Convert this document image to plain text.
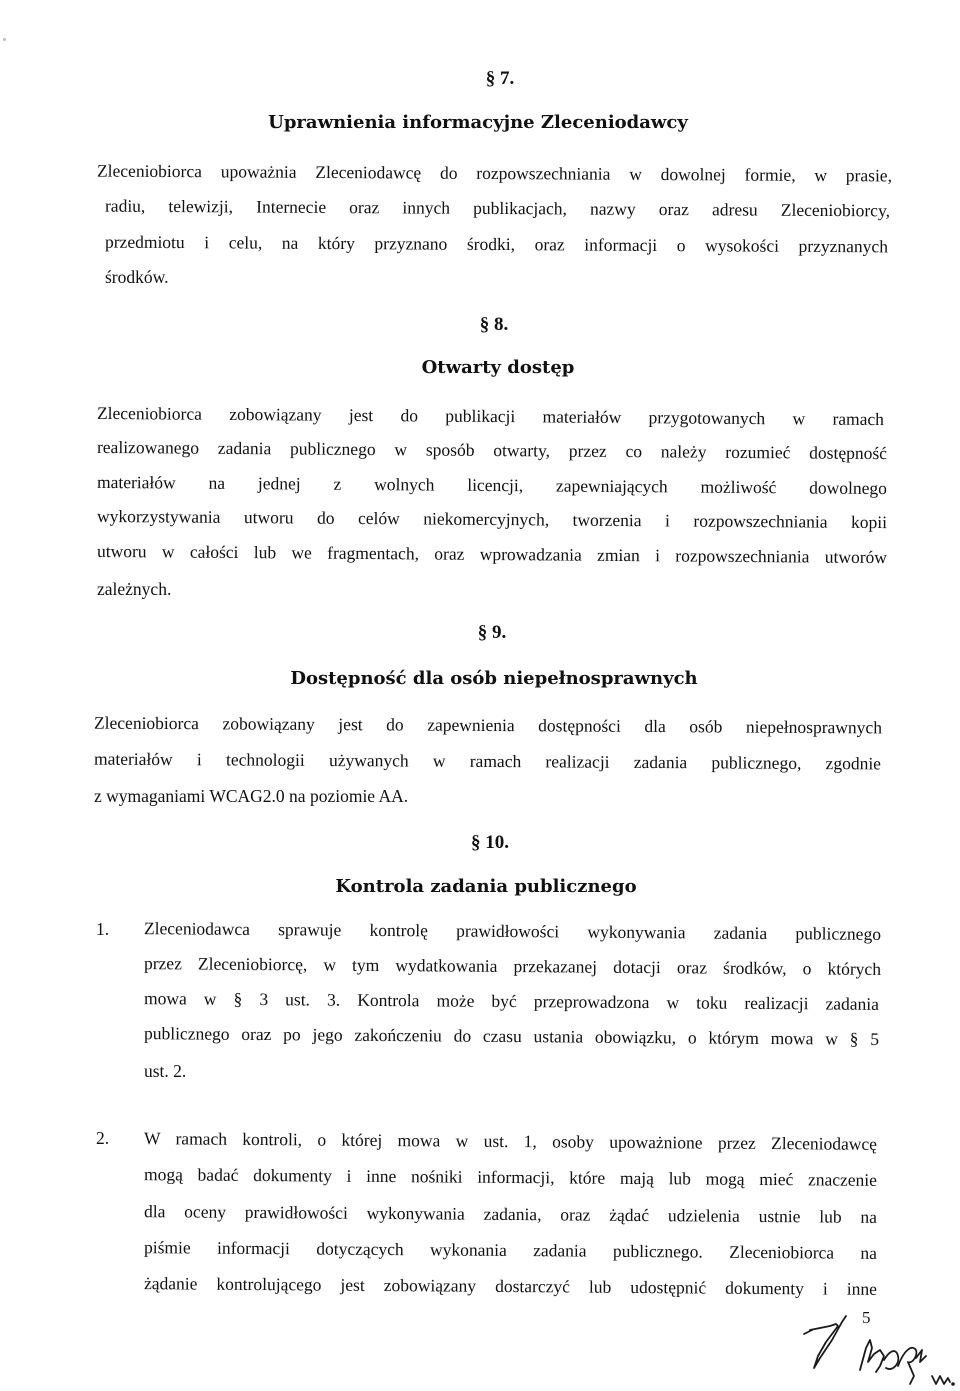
§ 7.
Uprawnienia informacyjne Zleceniodawcy
Zleceniobiorca upoważnia Zleceniodawcę do rozpowszechniania w dowolnej formie, w prasie,
radiu, telewizji, Internecie oraz innych publikacjach, nazwy oraz adresu Zleceniobiorcy,
przedmiotu i celu, na który przyznano środki, oraz informacji o wysokości przyznanych
środków.
§ 8.
Otwarty dostęp
Zleceniobiorca zobowiązany jest do publikacji materiałów przygotowanych w ramach
realizowanego zadania publicznego w sposób otwarty, przez co należy rozumieć dostępność
materiałów na jednej z wolnych licencji, zapewniających możliwość dowolnego
wykorzystywania utworu do celów niekomercyjnych, tworzenia i rozpowszechniania kopii
utworu w całości lub we fragmentach, oraz wprowadzania zmian i rozpowszechniania utworów
zależnych.
§ 9.
Dostępność dla osób niepełnosprawnych
Zleceniobiorca zobowiązany jest do zapewnienia dostępności dla osób niepełnosprawnych
materiałów i technologii używanych w ramach realizacji zadania publicznego, zgodnie
z wymaganiami WCAG2.0 na poziomie AA.
§ 10.
Kontrola zadania publicznego
1. Zleceniodawca sprawuje kontrolę prawidłowości wykonywania zadania publicznego
przez Zleceniobiorcę, w tym wydatkowania przekazanej dotacji oraz środków, o których
mowa w § 3 ust. 3. Kontrola może być przeprowadzona w toku realizacji zadania
publicznego oraz po jego zakończeniu do czasu ustania obowiązku, o którym mowa w § 5
ust. 2.
2. W ramach kontroli, o której mowa w ust. 1, osoby upoważnione przez Zleceniodawcę
mogą badać dokumenty i inne nośniki informacji, które mają lub mogą mieć znaczenie
dla oceny prawidłowości wykonywania zadania, oraz żądać udzielenia ustnie lub na
piśmie informacji dotyczących wykonania zadania publicznego. Zleceniobiorca na
żądanie kontrolującego jest zobowiązany dostarczyć lub udostępnić dokumenty i inne
5
